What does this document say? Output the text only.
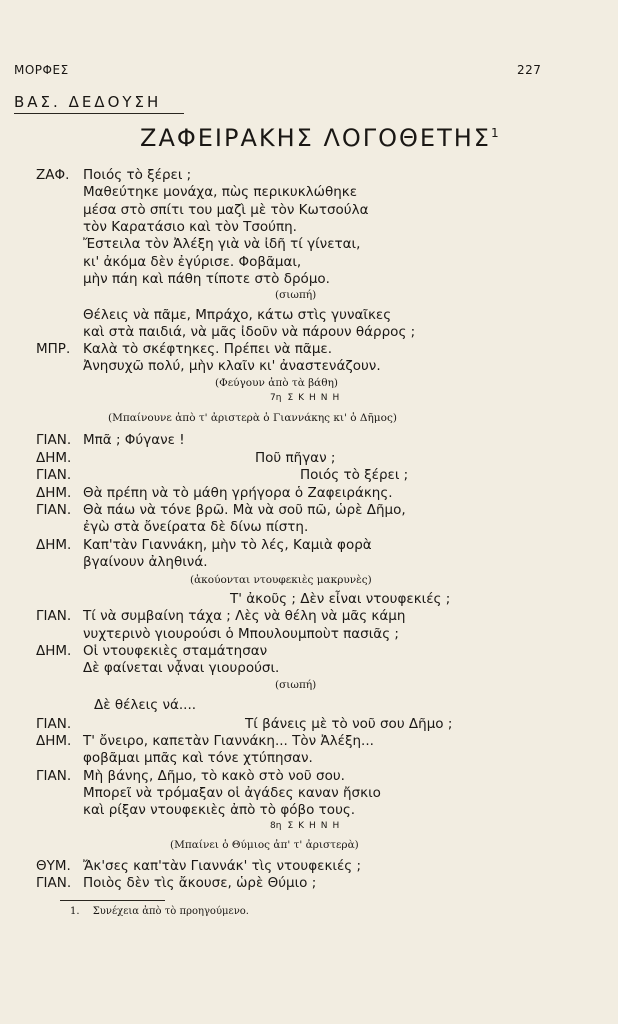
ΜΟΡΦΕΣ	227
ΒΑΣ. ΔΕΔΟΥΣΗ
ΖΑΦΕΙΡΑΚΗΣ ΛΟΓΟΘΕΤΗΣ$^1$
ΖΑΦ. Ποιός τὸ ξέρει ;
Μαθεύτηκε μονάχα, πὼς περικυκλώθηκε
μέσα στὸ σπίτι του μαζὶ μὲ τὸν Κωτσούλα
τὸν Καρατάσιο καὶ τὸν Τσούπη.
Ἔστειλα τὸν Ἀλέξη γιὰ νὰ ἰδῆ τί γίνεται,
κι' ἀκόμα δὲν ἐγύρισε. Φοβᾶμαι,
μὴν πάη καὶ πάθη τίποτε στὸ δρόμο.
(σιωπή)
Θέλεις νὰ πᾶμε, Μπράχο, κάτω στὶς γυναῖκες
καὶ στὰ παιδιά, νὰ μᾶς ἰδοῦν νὰ πάρουν θάρρος ;
ΜΠΡ. Καλὰ τὸ σκέφτηκες. Πρέπει νὰ πᾶμε.
Ἀνησυχῶ πολύ, μὴν κλαῖν κι' ἀναστενάζουν.
(Φεύγουν ἀπὸ τὰ βάθη)
7η ΣΚΗΝΗ
(Μπαίνουνε ἀπὸ τ' ἀριστερὰ ὁ Γιαννάκης κι' ὁ Δῆμος)
ΓΙΑΝ. Μπᾶ ; Φύγανε !
ΔΗΜ.	Ποῦ πῆγαν ;
ΓΙΑΝ.	Ποιός τὸ ξέρει ;
ΔΗΜ. Θὰ πρέπη νὰ τὸ μάθη γρήγορα ὁ Ζαφειράκης.
ΓΙΑΝ. Θὰ πάω νὰ τόνε βρῶ. Μὰ νὰ σοῦ πῶ, ὡρὲ Δῆμο,
ἐγὼ στὰ ὄνείρατα δὲ δίνω πίστη.
ΔΗΜ. Καπ'τὰν Γιαννάκη, μὴν τὸ λές, Καμιὰ φορὰ
βγαίνουν ἀληθινά.
(ἀκούονται ντουφεκιὲς μακρυνὲς)
Τ' ἀκοῦς ; Δὲν εἶναι ντουφεκιές ;
ΓΙΑΝ. Τί νὰ συμβαίνη τάχα ; Λὲς νὰ θέλη νὰ μᾶς κάμη
νυχτερινὸ γιουρούσι ὁ Μπουλουμποὺτ πασιᾶς ;
ΔΗΜ. Οἱ ντουφεκιὲς σταμάτησαν
Δὲ φαίνεται νᾆναι γιουρούσι.
(σιωπή)
Δὲ θέλεις νά....
ΓΙΑΝ.	Τί βάνεις μὲ τὸ νοῦ σου Δῆμο ;
ΔΗΜ. Τ' ὄνειρο, καπετὰν Γιαννάκη... Τὸν Ἀλέξη...
φοβᾶμαι μπᾶς καὶ τόνε χτύπησαν.
ΓΙΑΝ. Μὴ βάνης, Δῆμο, τὸ κακὸ στὸ νοῦ σου.
Μπορεῖ νὰ τρόμαξαν οἱ ἀγάδες καναν ἤσκιο
καὶ ρίξαν ντουφεκιὲς ἀπὸ τὸ φόβο τους.
8η ΣΚΗΝΗ
(Μπαίνει ὁ Θύμιος ἀπ' τ' ἀριστερὰ)
ΘΥΜ. Ἄκ'σες καπ'τὰν Γιαννάκ' τὶς ντουφεκιές ;
ΓΙΑΝ. Ποιὸς δὲν τὶς ἄκουσε, ὡρὲ Θύμιο ;
1. Συνέχεια ἀπὸ τὸ προηγούμενο.
